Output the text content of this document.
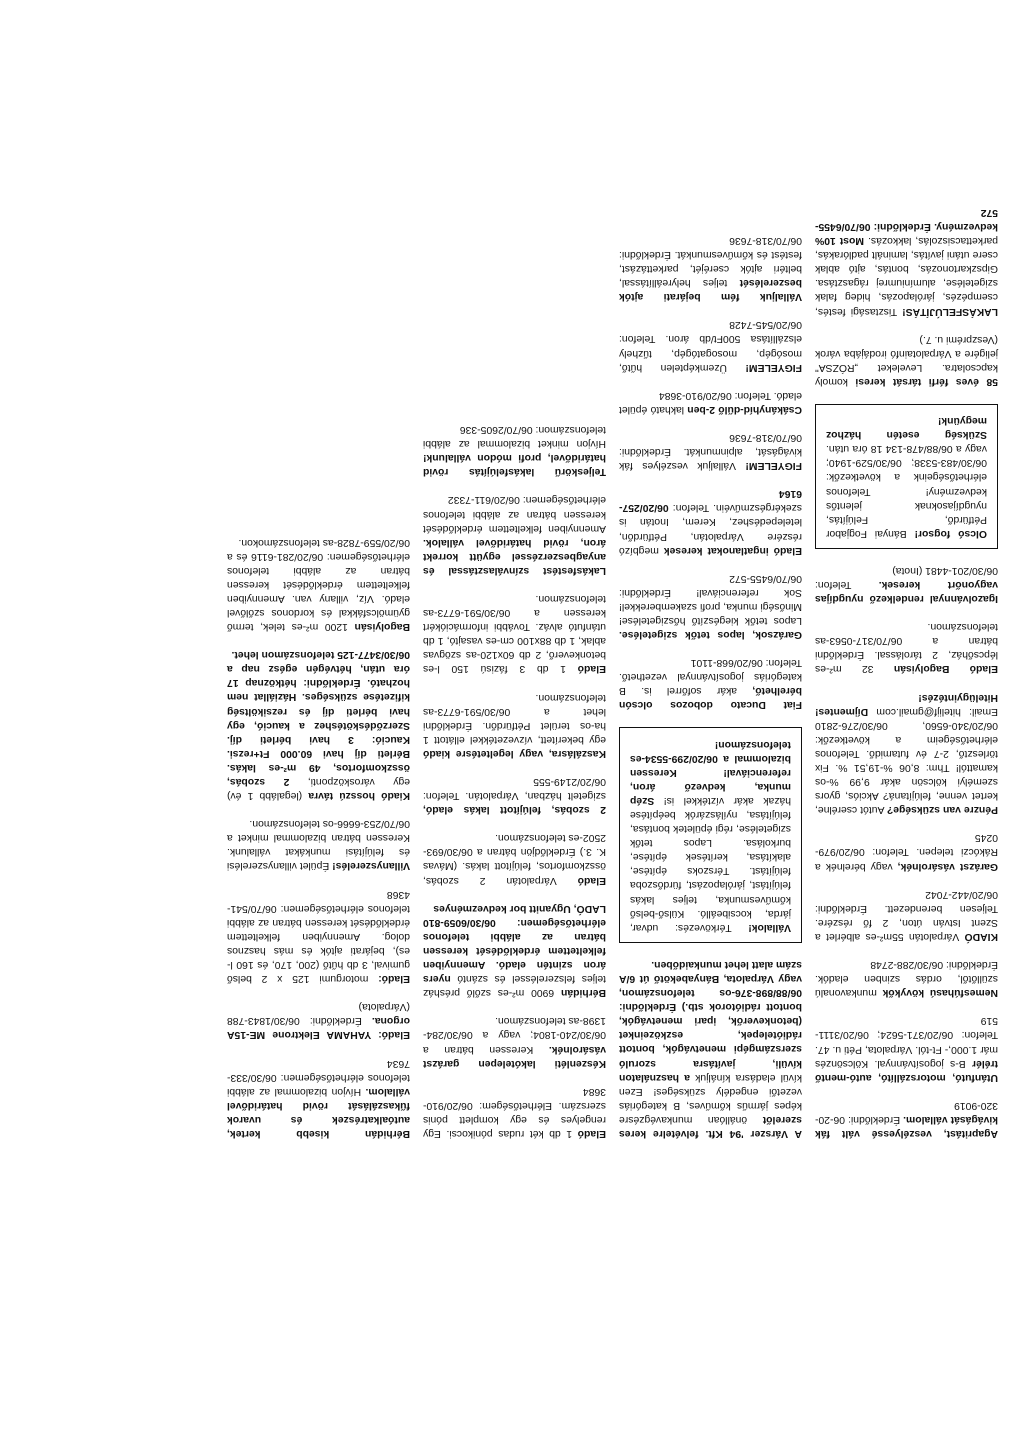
Agapritást, veszélyessé vált fák kivágását vállalom. Érdeklődni: 06-20-320-9019
Utánfutó, motorszállító, autó-mentő trélér B-s jogosítvánnyal. Kölcsönzés már 1.000,- Ft-tól. Várpalota, Péti u. 47. Telefon: 06/20/371-5624; 06/20/3111-519
Nemesfúhasú kövykők munkavonalú szüllőtől, ordás szinben eladók. Érdeklődni: 06/30/288-2748
KIADÓ Várpalotán 55m²-es albérlet a Szent István úton, 2 fő részére. Teljesen berendezett. Érdeklődni: 06/20/442-7042
Garázst vásárolnék, vagy bérelnék a Rákóczi telepen. Telefon: 06/20/979-0245
Pénzre van szüksége? Autót cserélne, kertet venne, felújítaná? Akciós, gyors személyi kölcsön akár 9,99 %-os kamattól! Thm: 8,06 %-19,51 %. Fix törlesztő, 2-7 év futamidő. Telefonos elérhetőségeim a következők: 06/20/340-6560, 06/30/276-2810 Email: hitelijf@gmail.com Díjmentes! Hitelügyintézés!
Eladó Bagolyisán 32 m²-es lépcsőház, 2 tárolással. Érdeklődni bátran a 06/70/317-0563-as telefonszámon.
Igazolvánnyal rendelkező nyugdíjas vagyonőrt keresek. Telefon: 06/30/201-4481 (Inota)
Olcsó fogsor! Bányai Fogjabor Pétfürdő, Felújítás, nyugdíjasoknak jelentős kedvezmény! Telefonos elérhetőségeink a következők: 06/30/483-5338; 06/30/529-1940; vagy a 06/88/478-134 18 óra után. Szükség esetén házhoz megyünk!
58 éves férfi társát keresi komoly kapcsolatra. Leveleket „RÓZSA" jeligére a Várpalotainfó irodájába várok (Veszprémi u. 7.)
LAKÁSFELÚJÍTÁS! Tisztasági festés, csempézés, járólapozás, hideg falak szigetelése, alumíniumrej rágasztása. Gipszkartonozás, bontás, ajtó ablak csere utáni javítás, laminált padlórakás, parkettacsiszolás, lakkozás. Most 10% kedvezmény. Érdeklődni: 06/70/6455-572
A Várszer '94 Kft. felvételre keres szerelőt önállóan munkavégzésre képes járműs kőműves, B kategóriás vezetői engedély szükséges! Ezen kívül eladásra kínáljuk a használaton kívüli, javításra szoruló szerszámgépi menetvágók, bontott rádiótelepek, eszközeinket (betonkeverők, ipari menetvágók, bontott rádiótorok stb.) Érdeklődni: 06/88/898-376-os telefonszámon, vagy Várpalota, Bányabekötő út 6/A szám alatt lehet munkaidőben.
Vállalok! Térkövezés: udvar, járda, kocsibeálló. Külső-belső kőművesmunka, teljes lakás felújítást, járólapozást, fürdőszoba felújítást. Térszoks építése, alakítása, kerítések építése, burkolása. Lapos tetők szigetelése, régi épületek bontása, felújítása, nyílászárók beépítése házak akár víztékkel is! Szép munka, kedvező áron, referenciával! Keressen bizalommal a 06/20/299-5534-es telefonszámon!
Fiat Ducato dobozos olcsón bérelhető, akár sofőrrel is. B kategóriás jogosítvánnyal vezethető. Telefon: 06/20/668-1101
Garázsok, lapos tetők szigetelése. Lapos tetők kiegészítő hőszigetelése! Minőségi munka, profi szakemberekkel! Sok referenciával! Érdeklődni: 06/70/6455-572
Eladó ingatlanokat keresek megbízó részére Várpalotán, Pétfürdőn, letelepedéshez, Kerem, Inotán is szekérgészművéin. Telefon: 06/20/257-6164
FIGYELEM! Vállaljuk veszélyes fák kivágását, alpinmunkát. Érdeklődni: 06/70/318-7636
Csákányhíd-dűlő 2-ben lakható épület eladó. Telefon: 06/20/910-3684
FIGYELEM! Üzemképtelen hűtő, mosógép, mosogatógép, tűzhely elszállítása 500Ft/db áron. Telefon: 06/20/545-7428
Vállaljuk fém bejárati ajtók beszerelését teljes helyreállítással, beltéri ajtók cseréjét, parkettázást, festést és kőművesmunkát. Érdeklődni: 06/70/318-7636
Eladó 1 db két rudas pónikocsi. Egy rengelyes és egy komplett pónis szerszám. Elérhetőségem: 06/20/910-3684
Készenléti lakótelepen garázst vásárolnék. Keressen bátran a 06/30/240-1804; vagy a 06/30/284-1398-as telefonszámon.
Bérhidán 6900 m²-es szőlő présház teljes felszereléssel és szántó nyers áron szintén eladó. Amennyiben felkeltettem érdeklődését keressen bátran az alábbi telefonos elérhetőségemen: 06/30/6059-810 LADÓ, Ugyanitt bor kedvezményes
Eladó Várpalotán 2 szobás, összkomfortos, felújított lakás. (Mávas K. 3.) Érdeklődjön bátran a 06/30/693-2502-es telefonszámon.
2 szobás, felújított lakás eladó, szigetelt házban, Várpalotán. Telefon: 06/20/2149-555
Kaszálásra, vagy legeltetésre kiadó egy bekerített, vízvezetékkel ellátott 1 ha-os terület Pétfürdőn. Érdeklődni lehet a 06/30/591-6773-as telefonszámon.
Eladó 1 db 3 fázisú 150 l-es betonkeverő, 2 db 60x120-as szögvas ablak, 1 db 88x100 cm-es vasajtó, 1 db utánfutó alváz. További információkért keressen a 06/30/591-6773-as telefonszámon.
Lakásfestést színválasztással és anyagbeszerzéssel együtt korrekt áron, rövid határidővel vállalok. Amennyiben felkeltettem érdeklődését keressen bátran az alábbi telefonos elérhetőségemen: 06/20/611-7332
Teljeskörű lakásfelújítás rövid határidővel, profi módon vállalunk! Hívjon minket bizalommal az alábbi telefonszámon: 06/70/2605-336
Bérhidán kisebb kertek, autóalkatrészek és uvarok fűkaszálását rövid határidővel vállalom. Hívjon bizalommal az alábbi telefonos elérhetőségemen: 06/30/333-7634
Eladó: YAHAMA Elektrone ME-15A orgona. Érdeklődni: 06/30/1843-788 (Várpalota)
Eladó: motorgumi 125 x 2 belső gumival, 3 db hűtő (200, 170, és 160 l-es), bejárati ajtók és más hasznos dolog. Amennyiben felkeltettem érdeklődését keressen bátran az alábbi telefonos elérhetőségemen: 06/70/541-4368
Villanyszerelés! Épület villanyszerelési és felújítási munkákat vállalunk. Keressen bátran bizalommal minket a 06/70/253-6666-os telefonszámon.
Kiadó hosszú távra (legalább 1 év) egy városközponti, 2 szobás, összkomfortos, 49 m²-es lakás. Bérleti díj havi 60.000 Ft+rezsi. Kaució: 3 havi bérleti díj. Szerződéskötéshez a kaució, egy havi bérleti díj és rezsiköltség kifizetése szükséges. Háziállat nem hozható. Érdeklődni: hétköznap 17 óra után, hétvégén egész nap a 06/30/3477-125 telefonszámon lehet.
Bagolyisán 1200 m²-es telek, termő gyümölcsfákkal és kordonos szőlővel eladó. Víz, villany van. Amennyiben felkeltettem érdeklődését keressen bátran az alábbi telefonos elérhetőségemen: 06/20/281-6116 és a 06/20/559-7828-as telefonszámokon.
